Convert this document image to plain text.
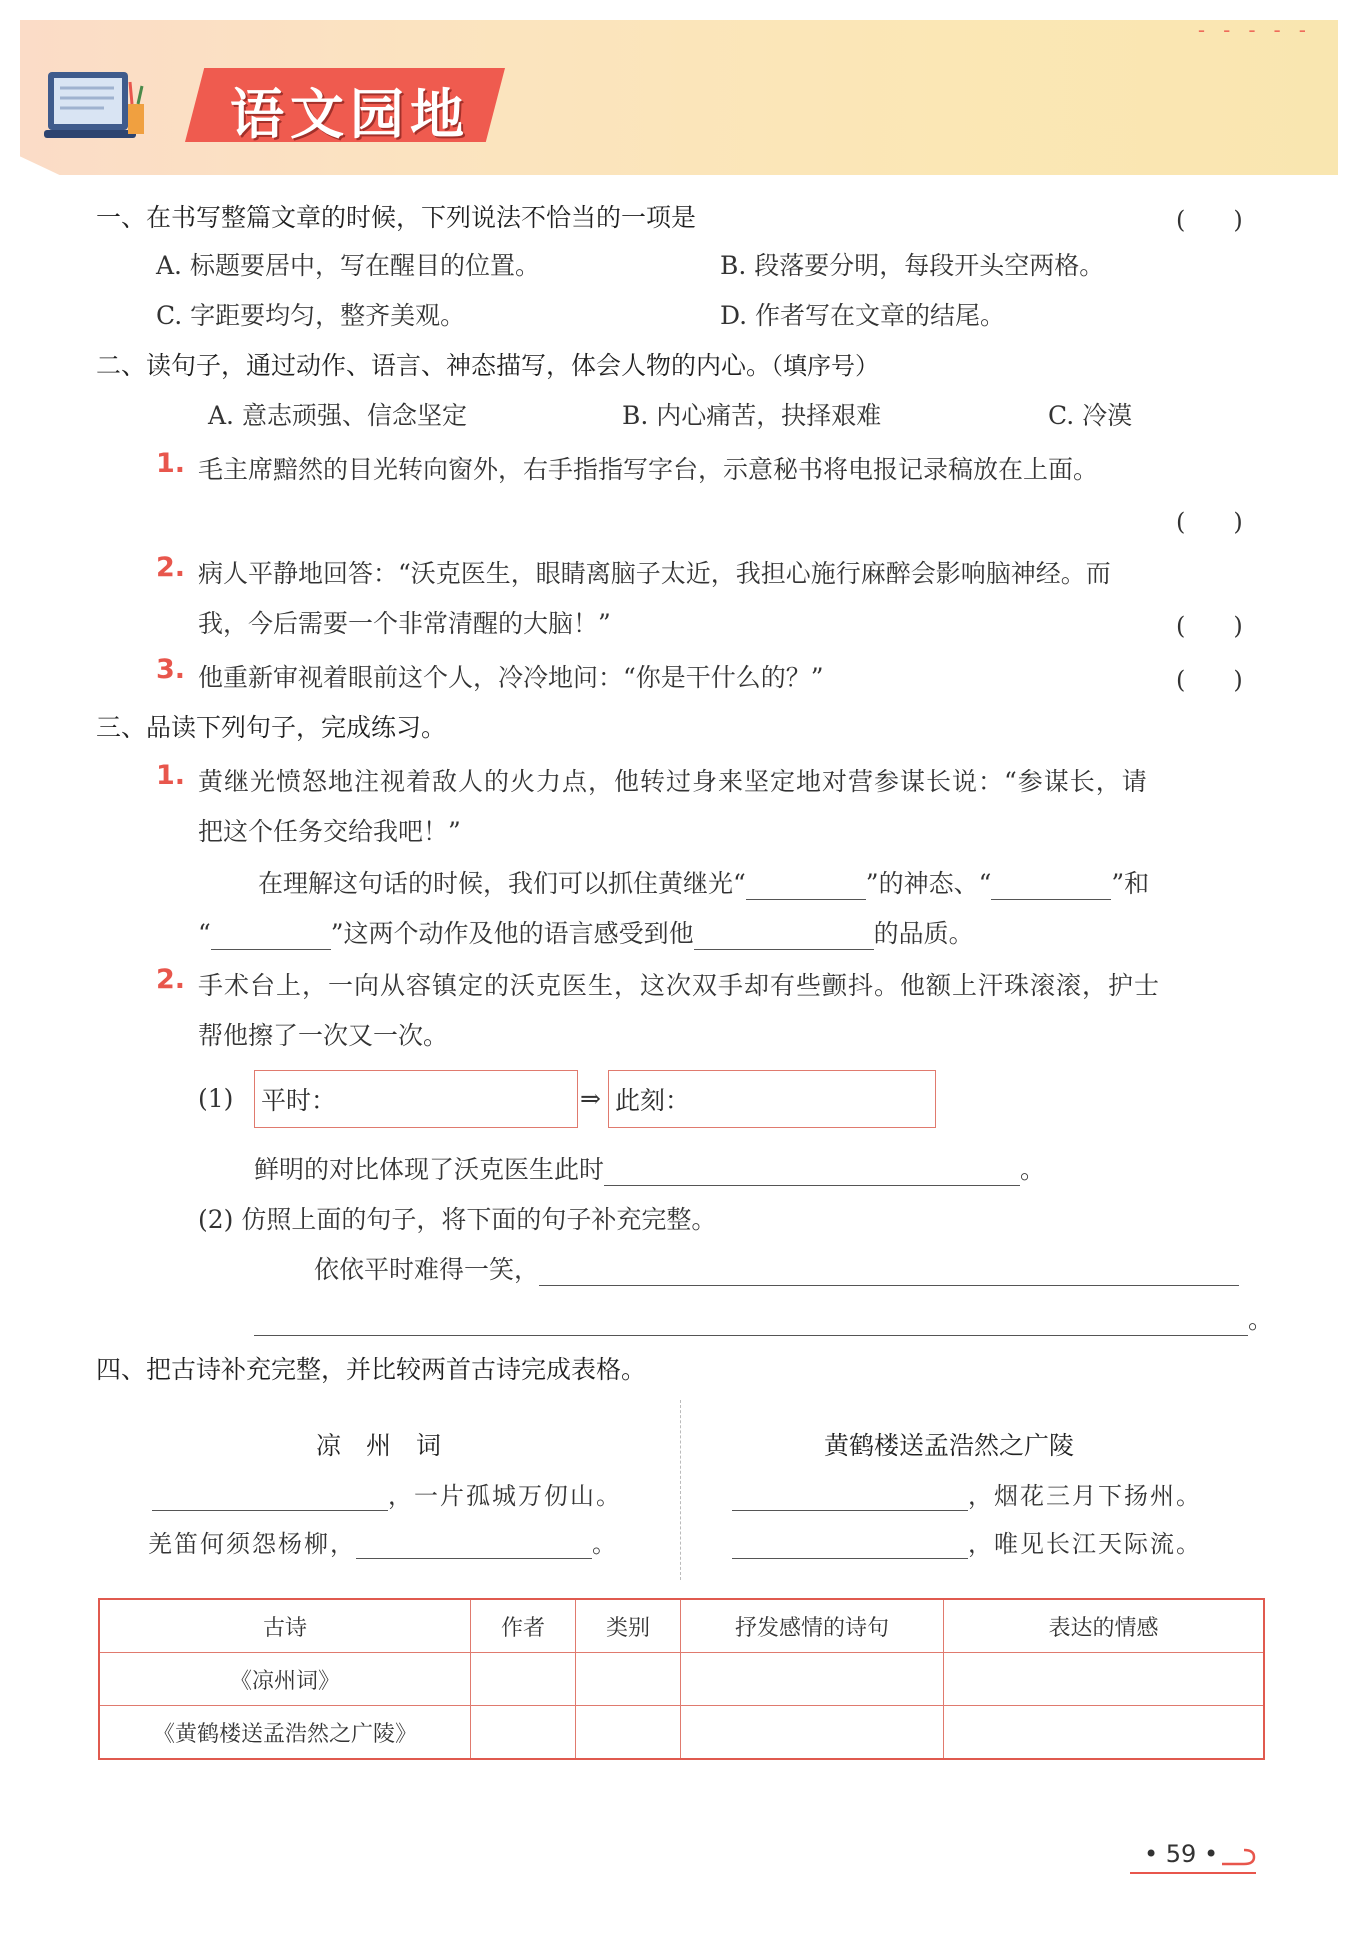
‐‐‐‐‐
语文园地
一、在书写整篇文章的时候，下列说法不恰当的一项是	(　　)
A. 标题要居中，写在醒目的位置。	B. 段落要分明，每段开头空两格。
C. 字距要均匀，整齐美观。	D. 作者写在文章的结尾。
二、读句子，通过动作、语言、神态描写，体会人物的内心。（填序号）
A. 意志顽强、信念坚定	B. 内心痛苦，抉择艰难	C. 冷漠
1. 毛主席黯然的目光转向窗外，右手指指写字台，示意秘书将电报记录稿放在上面。
(　　)
2. 病人平静地回答：“沃克医生，眼睛离脑子太近，我担心施行麻醉会影响脑神经。而
我，今后需要一个非常清醒的大脑！”	(　　)
3. 他重新审视着眼前这个人，冷冷地问：“你是干什么的？”	(　　)
三、品读下列句子，完成练习。
1. 黄继光愤怒地注视着敌人的火力点，他转过身来坚定地对营参谋长说：“参谋长，请
把这个任务交给我吧！”
在理解这句话的时候，我们可以抓住黄继光“	”的神态、“	”和
“	”这两个动作及他的语言感受到他	的品质。
2. 手术台上，一向从容镇定的沃克医生，这次双手却有些颤抖。他额上汗珠滚滚，护士
帮他擦了一次又一次。
(1) 平时：	⇒ 此刻：
鲜明的对比体现了沃克医生此时	。
(2) 仿照上面的句子，将下面的句子补充完整。
依依平时难得一笑，
。
四、把古诗补充完整，并比较两首古诗完成表格。
凉　州　词
，一片孤城万仞山。
羌笛何须怨杨柳，	。
黄鹤楼送孟浩然之广陵
，烟花三月下扬州。
，唯见长江天际流。
古诗	作者	类别	抒发感情的诗句	表达的情感
《凉州词》				
《黄鹤楼送孟浩然之广陵》				
• 59 •
